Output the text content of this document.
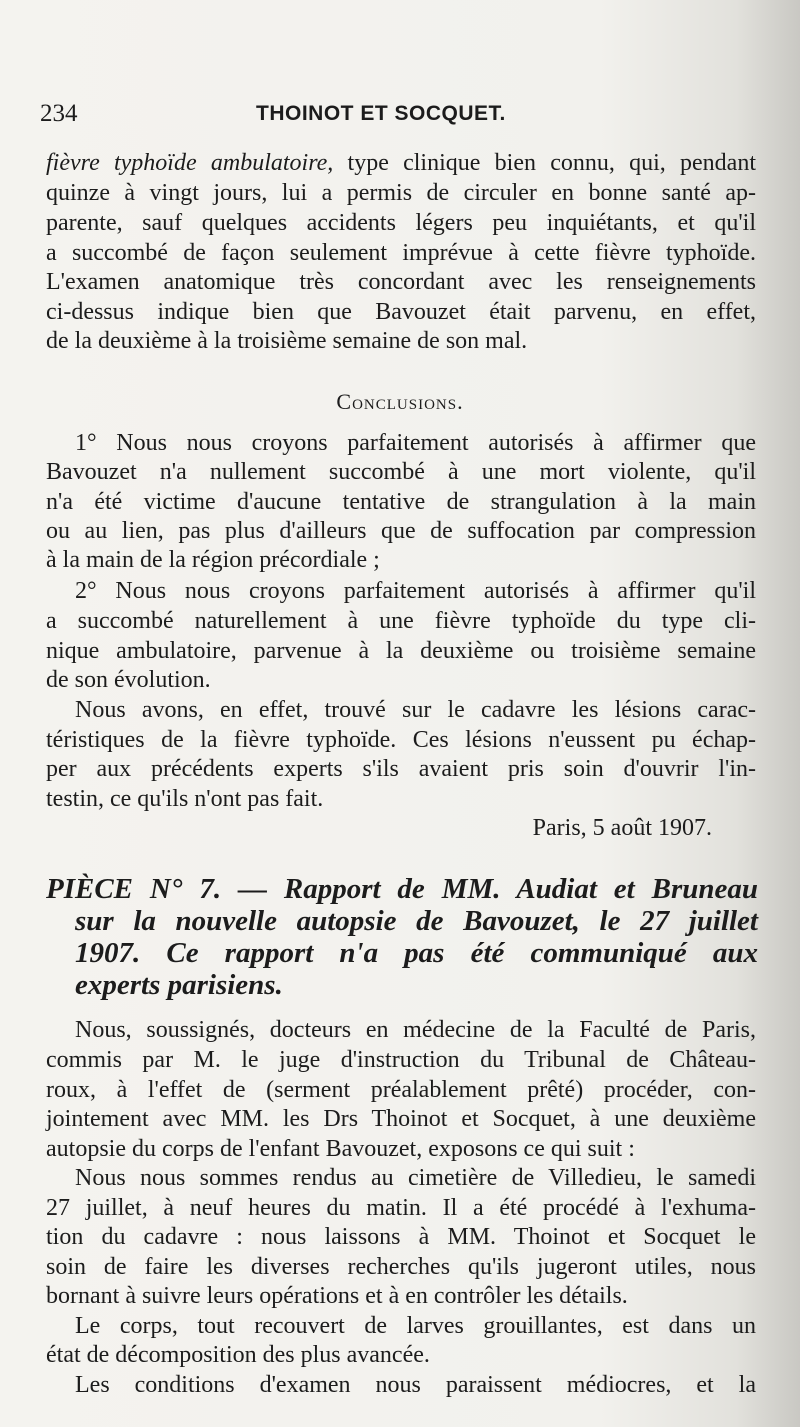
234	THOINOT ET SOCQUET.
fièvre typhoïde ambulatoire, type clinique bien connu, qui, pendant
quinze à vingt jours, lui a permis de circuler en bonne santé ap-
parente, sauf quelques accidents légers peu inquiétants, et qu'il
a succombé de façon seulement imprévue à cette fièvre typhoïde.
L'examen anatomique très concordant avec les renseignements
ci-dessus indique bien que Bavouzet était parvenu, en effet,
de la deuxième à la troisième semaine de son mal.
Conclusions.
1° Nous nous croyons parfaitement autorisés à affirmer que
Bavouzet n'a nullement succombé à une mort violente, qu'il
n'a été victime d'aucune tentative de strangulation à la main
ou au lien, pas plus d'ailleurs que de suffocation par compression
à la main de la région précordiale ;
2° Nous nous croyons parfaitement autorisés à affirmer qu'il
a succombé naturellement à une fièvre typhoïde du type cli-
nique ambulatoire, parvenue à la deuxième ou troisième semaine
de son évolution.
Nous avons, en effet, trouvé sur le cadavre les lésions carac-
téristiques de la fièvre typhoïde. Ces lésions n'eussent pu échap-
per aux précédents experts s'ils avaient pris soin d'ouvrir l'in-
testin, ce qu'ils n'ont pas fait.
Paris, 5 août 1907.
PIÈCE N° 7. — Rapport de MM. Audiat et Bruneau
sur la nouvelle autopsie de Bavouzet, le 27 juillet
1907. Ce rapport n'a pas été communiqué aux
experts parisiens.
Nous, soussignés, docteurs en médecine de la Faculté de Paris,
commis par M. le juge d'instruction du Tribunal de Château-
roux, à l'effet de (serment préalablement prêté) procéder, con-
jointement avec MM. les Drs Thoinot et Socquet, à une deuxième
autopsie du corps de l'enfant Bavouzet, exposons ce qui suit :
Nous nous sommes rendus au cimetière de Villedieu, le samedi
27 juillet, à neuf heures du matin. Il a été procédé à l'exhuma-
tion du cadavre : nous laissons à MM. Thoinot et Socquet le
soin de faire les diverses recherches qu'ils jugeront utiles, nous
bornant à suivre leurs opérations et à en contrôler les détails.
Le corps, tout recouvert de larves grouillantes, est dans un
état de décomposition des plus avancée.
Les conditions d'examen nous paraissent médiocres, et la
